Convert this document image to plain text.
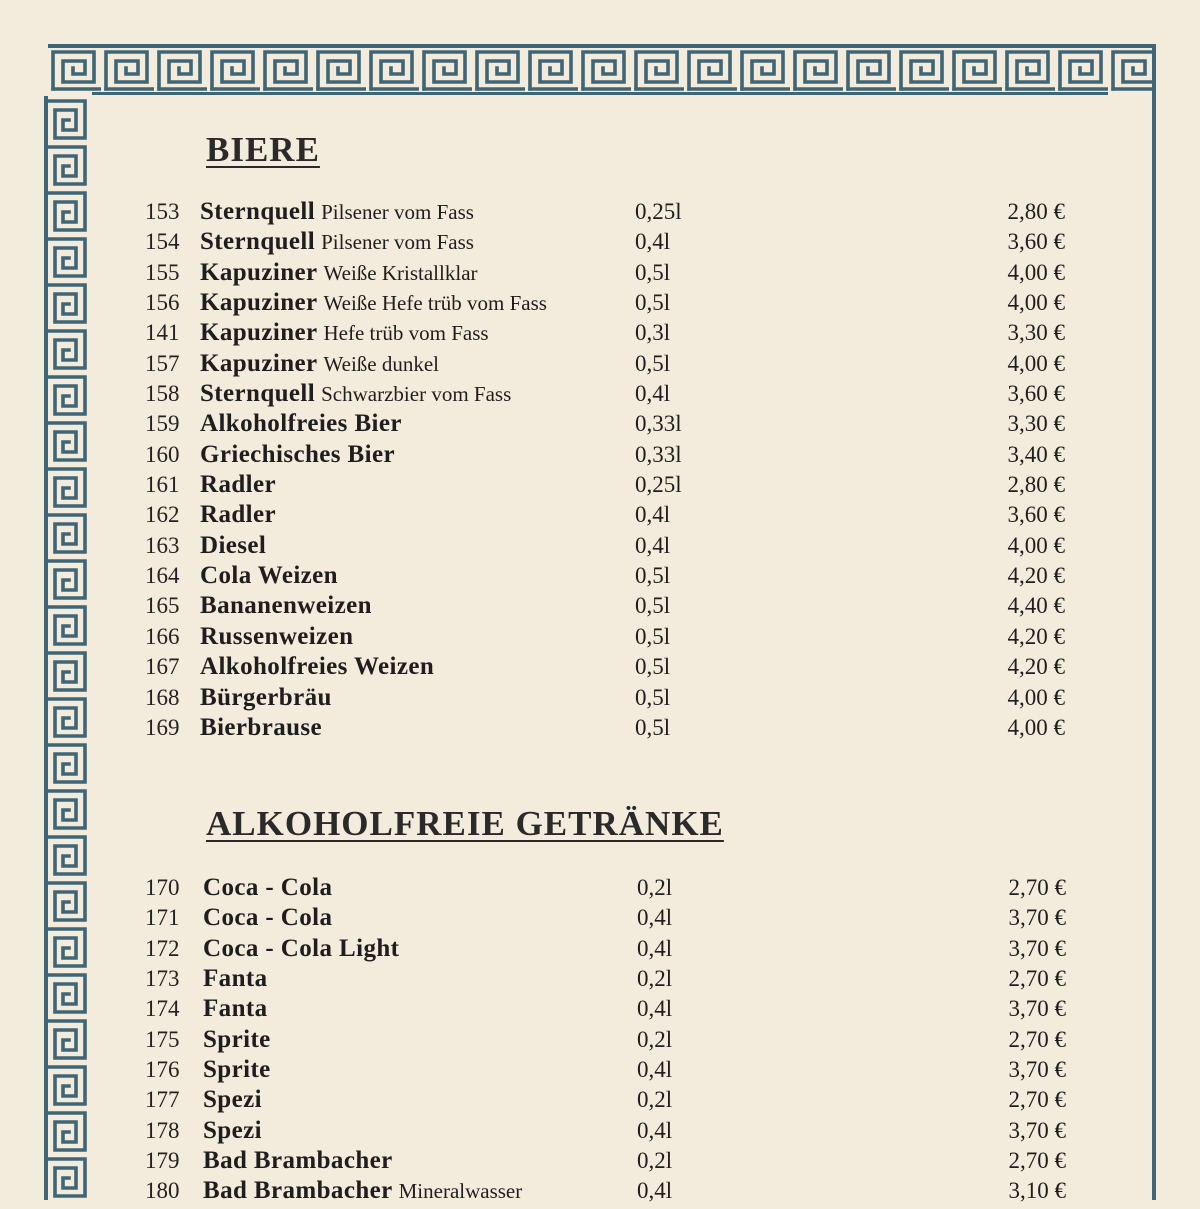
BIERE
153 Sternquell Pilsener vom Fass	0,25l	2,80 €
154 Sternquell Pilsener vom Fass	0,4l	3,60 €
155 Kapuziner Weiße Kristallklar	0,5l	4,00 €
156 Kapuziner Weiße Hefe trüb vom Fass	0,5l	4,00 €
141 Kapuziner Hefe trüb vom Fass	0,3l	3,30 €
157 Kapuziner Weiße dunkel	0,5l	4,00 €
158 Sternquell Schwarzbier vom Fass	0,4l	3,60 €
159 Alkoholfreies Bier	0,33l	3,30 €
160 Griechisches Bier	0,33l	3,40 €
161 Radler	0,25l	2,80 €
162 Radler	0,4l	3,60 €
163 Diesel	0,4l	4,00 €
164 Cola Weizen	0,5l	4,20 €
165 Bananenweizen	0,5l	4,40 €
166 Russenweizen	0,5l	4,20 €
167 Alkoholfreies Weizen	0,5l	4,20 €
168 Bürgerbräu	0,5l	4,00 €
169 Bierbrause	0,5l	4,00 €
ALKOHOLFREIE GETRÄNKE
170 Coca - Cola	0,2l	2,70 €
171 Coca - Cola	0,4l	3,70 €
172 Coca - Cola Light	0,4l	3,70 €
173 Fanta	0,2l	2,70 €
174 Fanta	0,4l	3,70 €
175 Sprite	0,2l	2,70 €
176 Sprite	0,4l	3,70 €
177 Spezi	0,2l	2,70 €
178 Spezi	0,4l	3,70 €
179 Bad Brambacher	0,2l	2,70 €
180 Bad Brambacher Mineralwasser	0,4l	3,10 €
